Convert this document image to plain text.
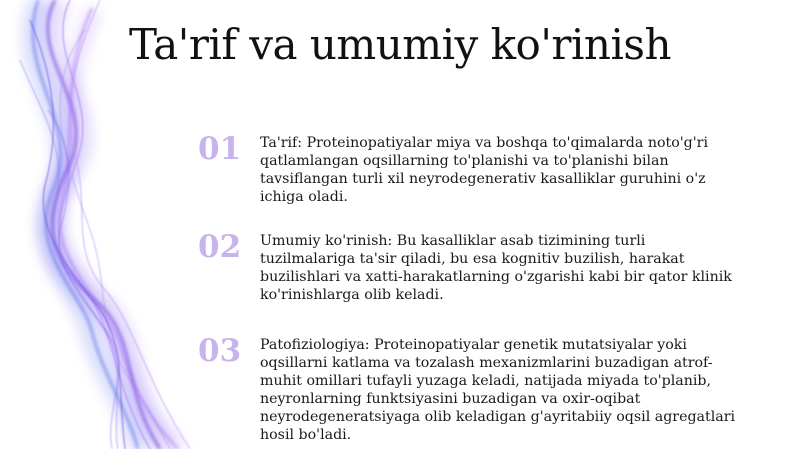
Ta'rif va umumiy ko'rinish
01	Ta'rif: Proteinopatiyalar miya va boshqa to'qimalarda noto'g'ri qatlamlangan oqsillarning to'planishi va to'planishi bilan tavsiflangan turli xil neyrodegenerativ kasalliklar guruhini o'z ichiga oladi.
02	Umumiy ko'rinish: Bu kasalliklar asab tizimining turli tuzilmalariga ta'sir qiladi, bu esa kognitiv buzilish, harakat buzilishlari va xatti-harakatlarning o'zgarishi kabi bir qator klinik ko'rinishlarga olib keladi.
03	Patofiziologiya: Proteinopatiyalar genetik mutatsiyalar yoki oqsillarni katlama va tozalash mexanizmlarini buzadigan atrof-muhit omillari tufayli yuzaga keladi, natijada miyada to'planib, neyronlarning funktsiyasini buzadigan va oxir-oqibat neyrodegeneratsiyaga olib keladigan g'ayritabiiy oqsil agregatlari hosil bo'ladi.
